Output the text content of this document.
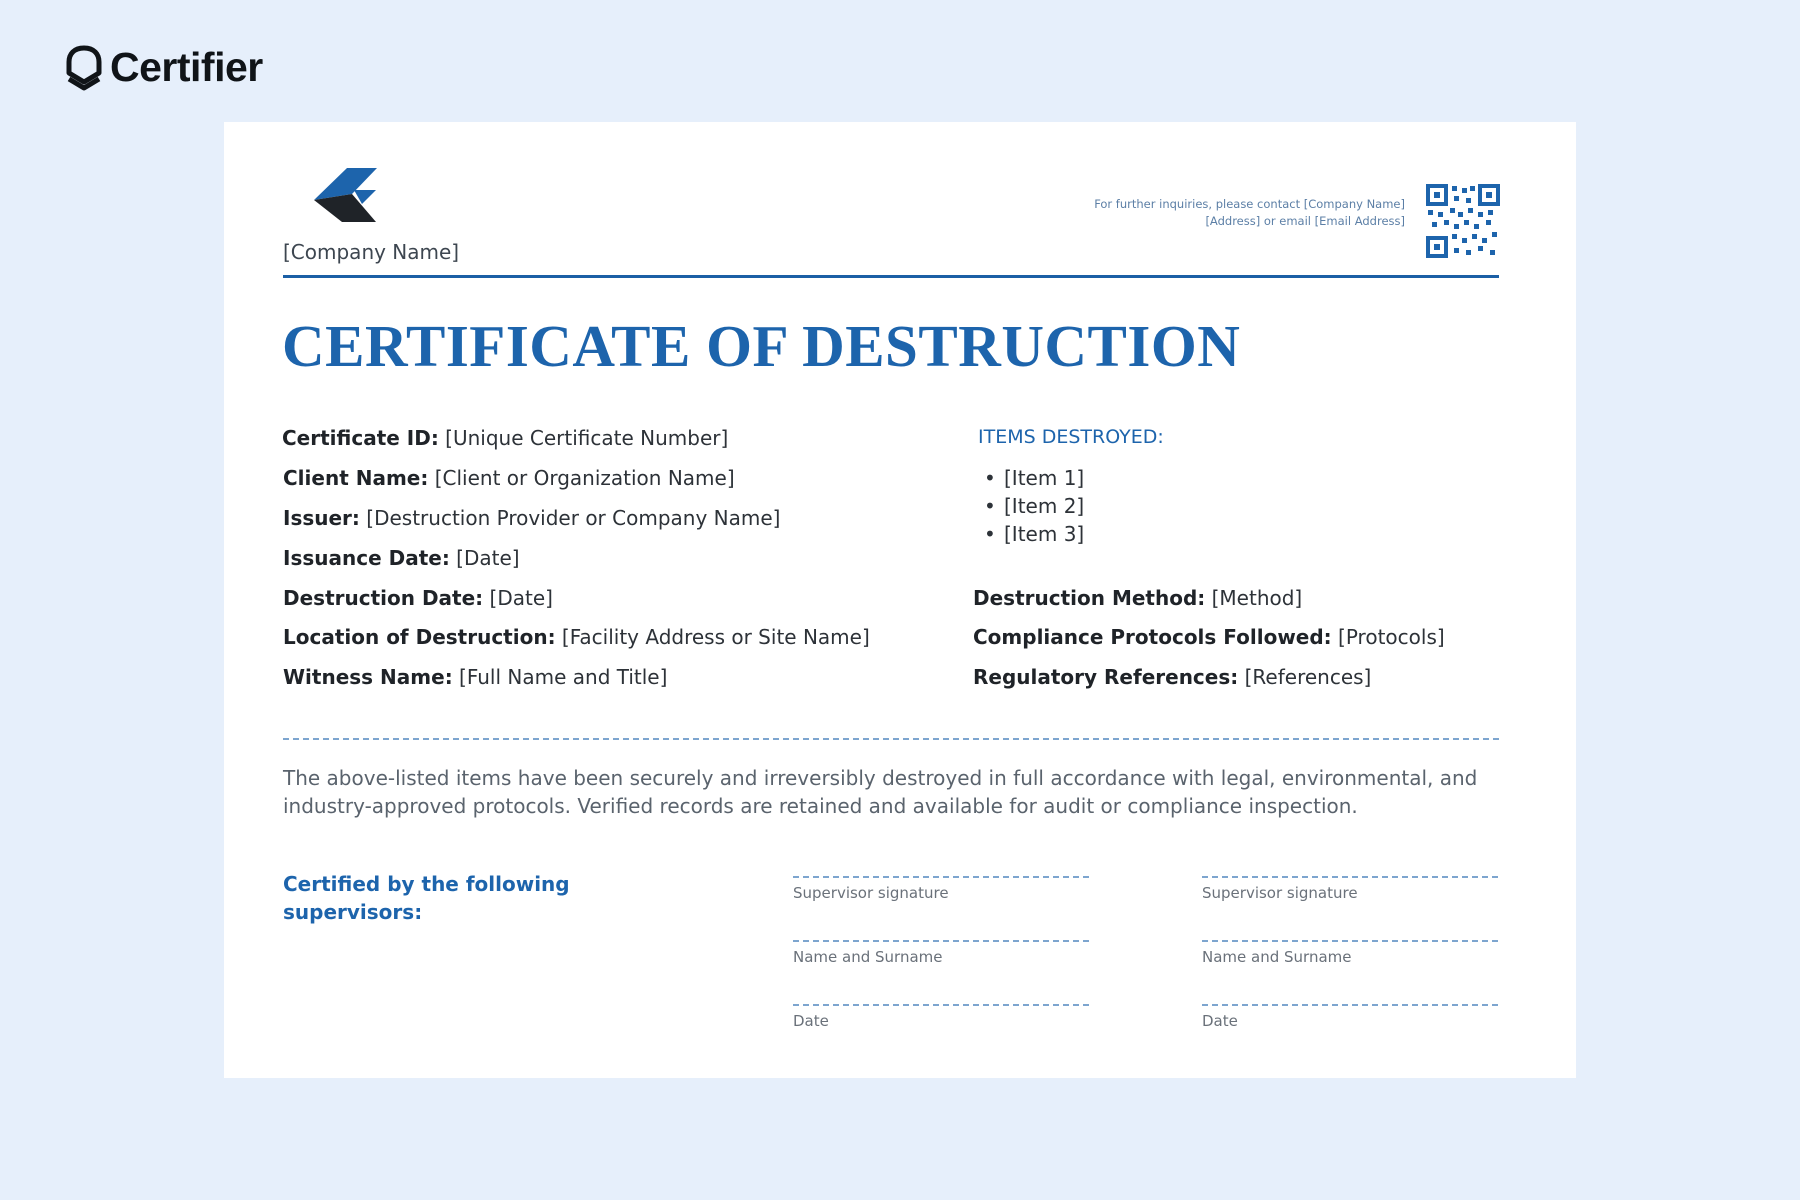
Certifier
[Company Name]
For further inquiries, please contact [Company Name]
[Address] or email [Email Address]
CERTIFICATE OF DESTRUCTION
Certificate ID: [Unique Certificate Number]
Client Name: [Client or Organization Name]
Issuer: [Destruction Provider or Company Name]
Issuance Date: [Date]
Destruction Date: [Date]
Location of Destruction: [Facility Address or Site Name]
Witness Name: [Full Name and Title]
ITEMS DESTROYED:
• [Item 1]
• [Item 2]
• [Item 3]
Destruction Method: [Method]
Compliance Protocols Followed: [Protocols]
Regulatory References: [References]
The above-listed items have been securely and irreversibly destroyed in full accordance with legal, environmental, and industry-approved protocols. Verified records are retained and available for audit or compliance inspection.
Certified by the following supervisors:
Supervisor signature
Name and Surname
Date
Supervisor signature
Name and Surname
Date
